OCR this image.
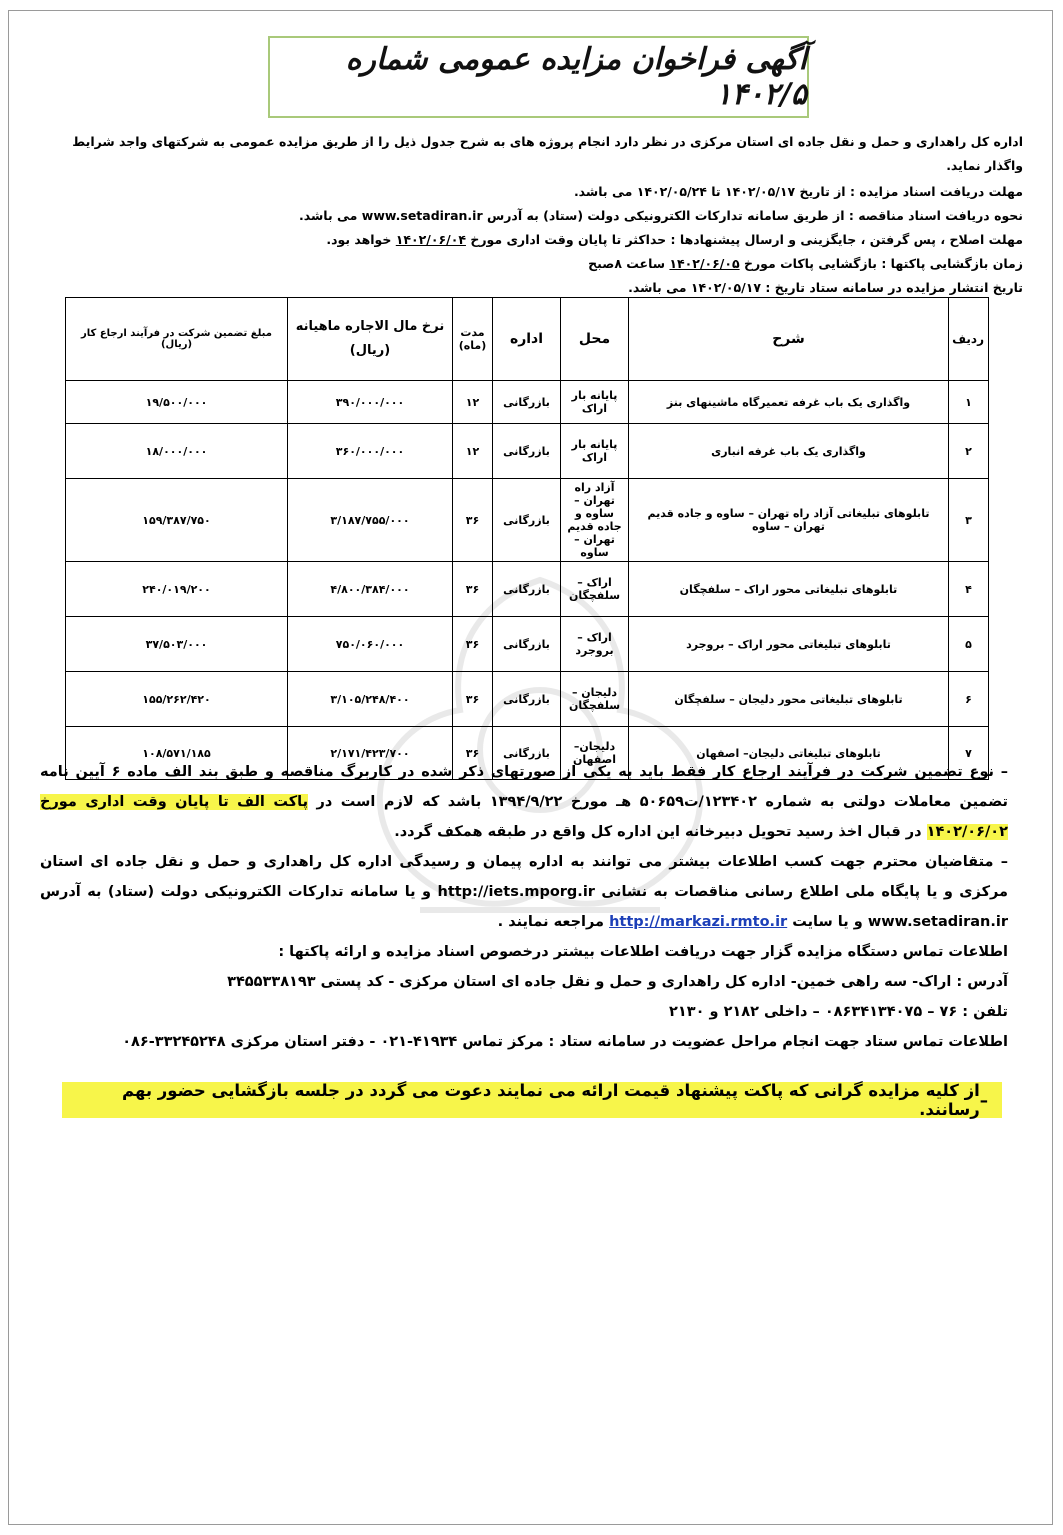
آگهی فراخوان مزایده عمومی شماره ۱۴۰۲/۵

اداره کل راهداری و حمل و نقل جاده ای استان مرکزی در نظر دارد انجام پروژه های به شرح جدول ذیل را از طریق مزایده عمومی به شرکتهای واجد شرایط واگذار نماید.

مهلت دریافت اسناد مزایده : از تاریخ ۱۴۰۲/۰۵/۱۷ تا ۱۴۰۲/۰۵/۲۴ می باشد.

نحوه دریافت اسناد مناقصه : از طریق سامانه تدارکات الکترونیکی دولت (ستاد) به آدرس www.setadiran.ir می باشد.

مهلت اصلاح ، پس گرفتن ، جایگزینی و ارسال پیشنهادها : حداکثر تا پایان وقت اداری مورخ ۱۴۰۲/۰۶/۰۴ خواهد بود.

زمان بازگشایی پاکتها : بازگشایی پاکات مورخ ۱۴۰۲/۰۶/۰۵ ساعت ۸صبح

تاریخ انتشار مزایده در سامانه ستاد تاریخ : ۱۴۰۲/۰۵/۱۷ می باشد.

ردیف	شرح	محل	اداره	مدت (ماه)	نرخ مال الاجاره ماهیانه (ریال)	مبلغ تضمین شرکت در فرآیند ارجاع کار (ریال)
۱	واگذاری یک باب غرفه تعمیرگاه ماشینهای بنز	پایانه بار اراک	بازرگانی	۱۲	۳۹۰/۰۰۰/۰۰۰	۱۹/۵۰۰/۰۰۰
۲	واگذاری یک باب غرفه انباری	پایانه بار اراک	بازرگانی	۱۲	۳۶۰/۰۰۰/۰۰۰	۱۸/۰۰۰/۰۰۰
۳	تابلوهای تبلیغاتی آزاد راه تهران – ساوه و جاده قدیم تهران – ساوه	آزاد راه تهران – ساوه و جاده قدیم تهران – ساوه	بازرگانی	۳۶	۳/۱۸۷/۷۵۵/۰۰۰	۱۵۹/۳۸۷/۷۵۰
۴	تابلوهای تبلیغاتی محور اراک – سلفچگان	اراک – سلفچگان	بازرگانی	۳۶	۴/۸۰۰/۳۸۴/۰۰۰	۲۴۰/۰۱۹/۲۰۰
۵	تابلوهای تبلیغاتی محور اراک – بروجرد	اراک – بروجرد	بازرگانی	۳۶	۷۵۰/۰۶۰/۰۰۰	۳۷/۵۰۳/۰۰۰
۶	تابلوهای تبلیغاتی محور دلیجان – سلفچگان	دلیجان – سلفچگان	بازرگانی	۳۶	۳/۱۰۵/۲۴۸/۴۰۰	۱۵۵/۲۶۲/۴۲۰
۷	تابلوهای تبلیغاتی دلیجان– اصفهان	دلیجان– اصفهان	بازرگانی	۳۶	۲/۱۷۱/۴۲۳/۷۰۰	۱۰۸/۵۷۱/۱۸۵

– نوع تضمین شرکت در فرآیند ارجاع کار فقط باید به یکی از صورتهای ذکر شده در کاربرگ مناقصه و طبق بند الف ماده ۶ آیین نامه تضمین معاملات دولتی به شماره ۱۲۳۴۰۲/ت۵۰۶۵۹ هـ مورخ ۱۳۹۴/۹/۲۲ باشد که لازم است در پاکت الف تا پایان وقت اداری مورخ ۱۴۰۲/۰۶/۰۲ در قبال اخذ رسید تحویل دبیرخانه این اداره کل واقع در طبقه همکف گردد.

– متقاضیان محترم جهت کسب اطلاعات بیشتر می توانند به اداره پیمان و رسیدگی اداره کل راهداری و حمل و نقل جاده ای استان مرکزی و یا پایگاه ملی اطلاع رسانی مناقصات به نشانی http://iets.mporg.ir و یا سامانه تدارکات الکترونیکی دولت (ستاد) به آدرس www.setadiran.ir و یا سایت http://markazi.rmto.ir مراجعه نمایند .

اطلاعات تماس دستگاه مزایده گزار جهت دریافت اطلاعات بیشتر درخصوص اسناد مزایده و ارائه پاکتها :

آدرس : اراک- سه راهی خمین- اداره کل راهداری و حمل و نقل جاده ای استان مرکزی - کد پستی ۳۴۵۵۳۳۸۱۹۳

تلفن : ۷۶ – ۰۸۶۳۴۱۳۴۰۷۵ – داخلی ۲۱۸۲ و ۲۱۳۰

اطلاعات تماس ستاد جهت انجام مراحل عضویت در سامانه ستاد : مرکز تماس ۴۱۹۳۴-۰۲۱ - دفتر استان مرکزی ۳۳۲۴۵۲۴۸-۰۸۶

–
از کلیه مزایده گرانی که پاکت پیشنهاد قیمت ارائه می نمایند دعوت می گردد در جلسه بازگشایی حضور بهم رسانند.
